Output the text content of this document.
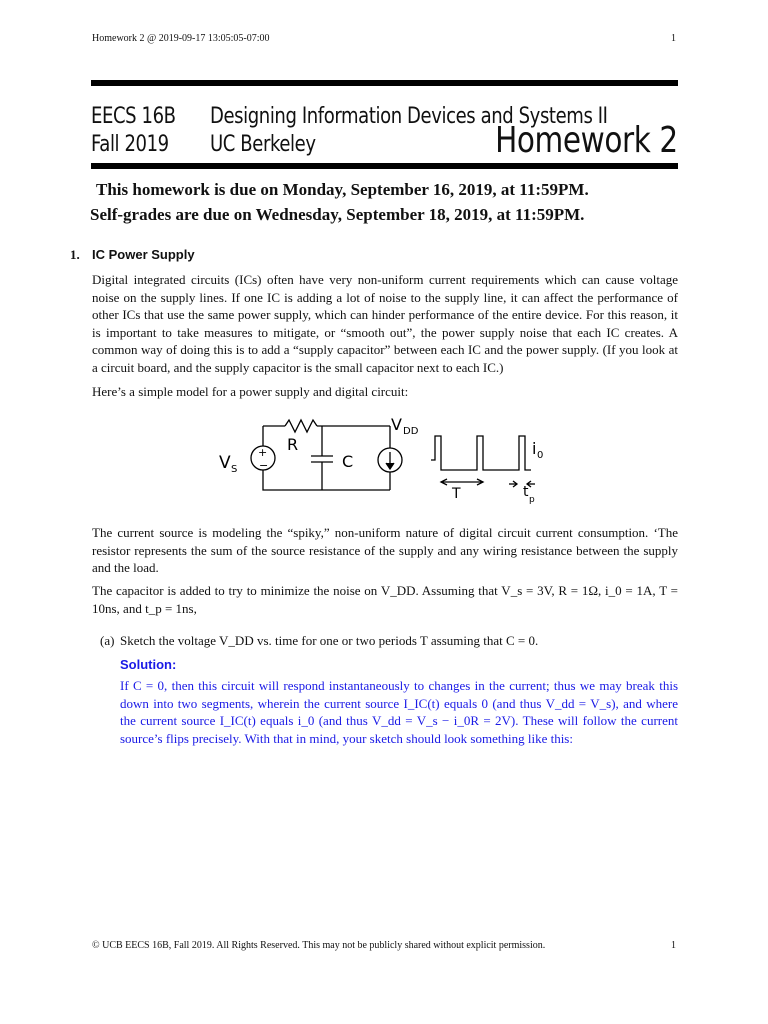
Homework 2 @ 2019-09-17 13:05:05-07:00	1
EECS 16B
Fall 2019
Designing Information Devices and Systems II
UC Berkeley	Homework 2
This homework is due on Monday, September 16, 2019, at 11:59PM.
Self-grades are due on Wednesday, September 18, 2019, at 11:59PM.
1. IC Power Supply

Digital integrated circuits (ICs) often have very non-uniform current requirements which can cause voltage noise on the supply lines. If one IC is adding a lot of noise to the supply line, it can affect the performance of other ICs that use the same power supply, which can hinder performance of the entire device. For this reason, it is important to take measures to mitigate, or “smooth out”, the power supply noise that each IC creates. A common way of doing this is to add a “supply capacitor” between each IC and the power supply. (If you look at a circuit board, and the supply capacitor is the small capacitor next to each IC.)

Here’s a simple model for a power supply and digital circuit:

+
−
V S
R
C
V DD
i 0
T	t p

The current source is modeling the “spiky,” non-uniform nature of digital circuit current consumption. ‘The resistor represents the sum of the source resistance of the supply and any wiring resistance between the supply and the load.

The capacitor is added to try to minimize the noise on V_DD. Assuming that V_s = 3V, R = 1Ω, i_0 = 1A, T = 10ns, and t_p = 1ns,

(a) Sketch the voltage V_DD vs. time for one or two periods T assuming that C = 0.
Solution:

If C = 0, then this circuit will respond instantaneously to changes in the current; thus we may break this down into two segments, wherein the current source I_IC(t) equals 0 (and thus V_dd = V_s), and where the current source I_IC(t) equals i_0 (and thus V_dd = V_s − i_0R = 2V). These will follow the current source’s flips precisely. With that in mind, your sketch should look something like this:

© UCB EECS 16B, Fall 2019. All Rights Reserved. This may not be publicly shared without explicit permission.	1
